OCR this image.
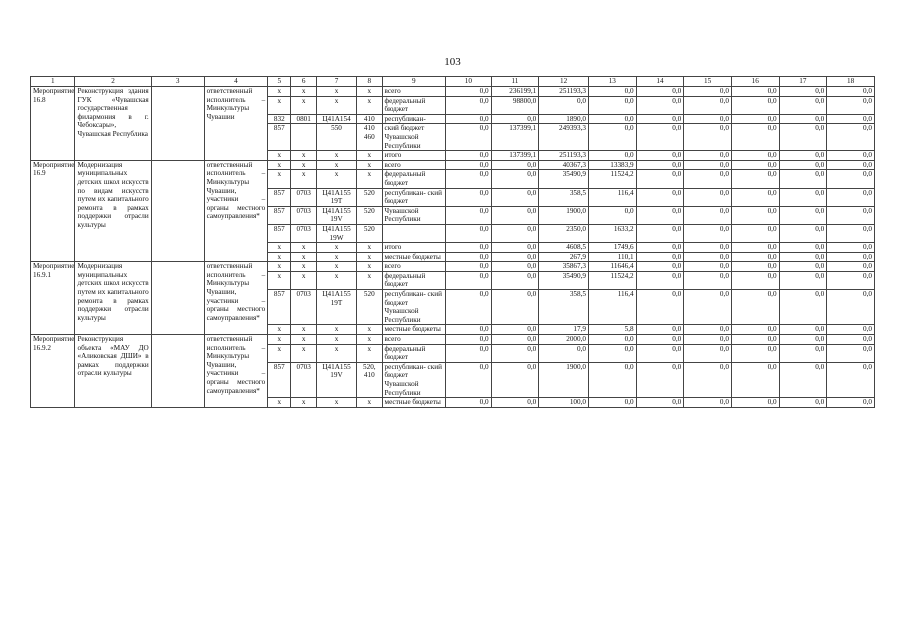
103
1	2	3	4	5	6	7	8	9	10	11	12	13	14	15	16	17	18
Мероприятие 16.8	Реконструкция здания ГУК «Чувашская государственная филармония в г. Чебоксары», Чувашская Республика		ответственный исполнитель – Минкультуры Чувашии	x	x	x	x	всего	0,0	236199,1	251193,3	0,0	0,0	0,0	0,0	0,0	0,0
				x	x	x	x	федеральный бюджет	0,0	98800,0	0,0	0,0	0,0	0,0	0,0	0,0	0,0
				832	0801	Ц41А154	410	республикан-	0,0	0,0	1890,0	0,0	0,0	0,0	0,0	0,0	0,0
				857		550	410 460	ский бюджет Чувашской Республики	0,0	137399,1	249393,3	0,0	0,0	0,0	0,0	0,0	0,0
				x	x	x	x	итого	0,0	137399,1	251193,3	0,0	0,0	0,0	0,0	0,0	0,0
Мероприятие 16.9	Модернизация муниципальных детских школ искусств по видам искусств путем их капитального ремонта в рамках поддержки отрасли культуры		ответственный исполнитель – Минкультуры Чувашии, участники – органы местного самоуправления*	x	x	x	x	всего	0,0	0,0	40367,3	13383,9	0,0	0,0	0,0	0,0	0,0
				x	x	x	x	федеральный бюджет	0,0	0,0	35490,9	11524,2	0,0	0,0	0,0	0,0	0,0
				857	0703	Ц41А155 19Т	520	республикан- ский бюджет	0,0	0,0	358,5	116,4	0,0	0,0	0,0	0,0	0,0
				857	0703	Ц41А155 19V	520	Чувашской Республики	0,0	0,0	1900,0	0,0	0,0	0,0	0,0	0,0	0,0
				857	0703	Ц41А155 19W	520		0,0	0,0	2350,0	1633,2	0,0	0,0	0,0	0,0	0,0
				x	x	x	x	итого	0,0	0,0	4608,5	1749,6	0,0	0,0	0,0	0,0	0,0
				x	x	x	x	местные бюджеты	0,0	0,0	267,9	110,1	0,0	0,0	0,0	0,0	0,0
Мероприятие 16.9.1	Модернизация муниципальных детских школ искусств путем их капитального ремонта в рамках поддержки отрасли культуры		ответственный исполнитель – Минкультуры Чувашии, участники – органы местного самоуправления*	x	x	x	x	всего	0,0	0,0	35867,3	11646,4	0,0	0,0	0,0	0,0	0,0
				x	x	x	x	федеральный бюджет	0,0	0,0	35490,9	11524,2	0,0	0,0	0,0	0,0	0,0
				857	0703	Ц41А155 19Т	520	республикан- ский бюджет Чувашской Республики	0,0	0,0	358,5	116,4	0,0	0,0	0,0	0,0	0,0
				x	x	x	x	местные бюджеты	0,0	0,0	17,9	5,8	0,0	0,0	0,0	0,0	0,0
Мероприятие 16.9.2	Реконструкция объекта «МАУ ДО «Аликовская ДШИ» в рамках поддержки отрасли культуры		ответственный исполнитель – Минкультуры Чувашии, участники – органы местного самоуправления*	x	x	x	x	всего	0,0	0,0	2000,0	0,0	0,0	0,0	0,0	0,0	0,0
				x	x	x	x	федеральный бюджет	0,0	0,0	0,0	0,0	0,0	0,0	0,0	0,0	0,0
				857	0703	Ц41А155 19V	520, 410	республикан- ский бюджет Чувашской Республики	0,0	0,0	1900,0	0,0	0,0	0,0	0,0	0,0	0,0
				x	x	x	x	местные бюджеты	0,0	0,0	100,0	0,0	0,0	0,0	0,0	0,0	0,0
